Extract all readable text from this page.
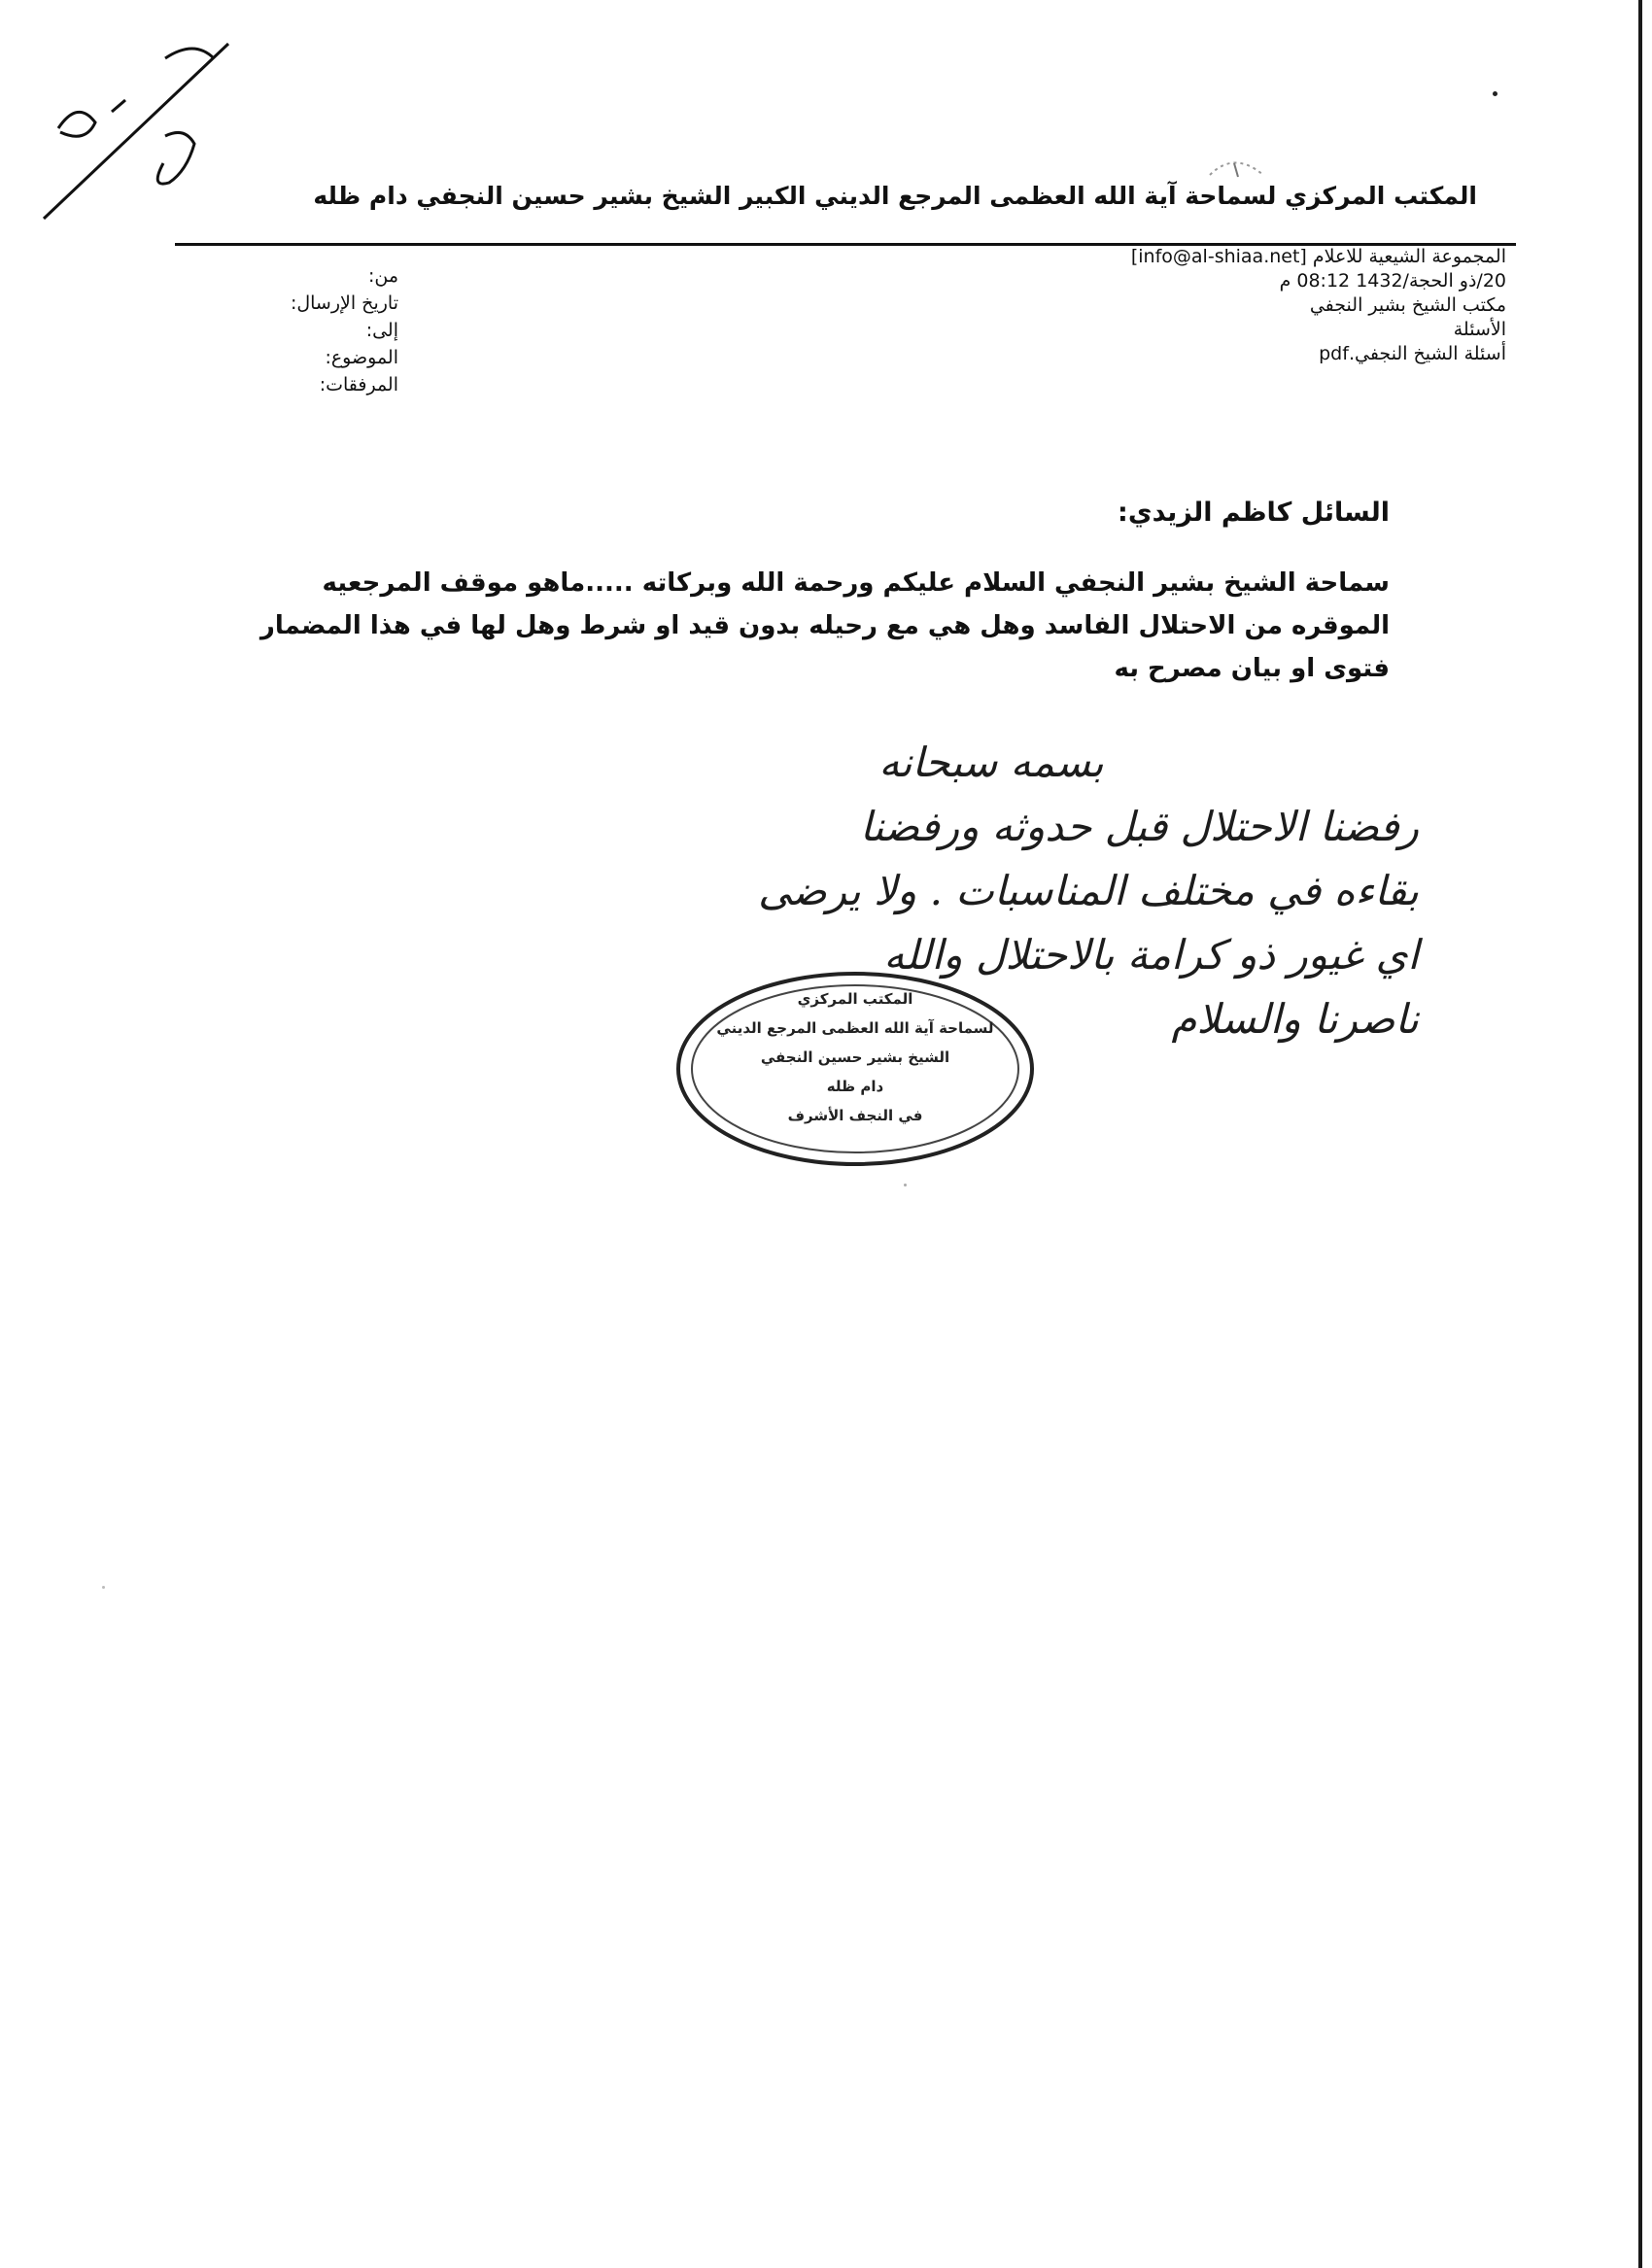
المكتب المركزي لسماحة آية الله العظمى المرجع الديني الكبير الشيخ بشير حسين النجفي دام ظله
من:
تاريخ الإرسال:
إلى:
الموضوع:
المرفقات:
المجموعة الشيعية للاعلام [info@al-shiaa.net]
20/ذو الحجة/1432 08:12 م
مكتب الشيخ بشير النجفي
الأسئلة
أسئلة الشيخ النجفي.pdf
السائل كاظم الزيدي:
سماحة الشيخ بشير النجفي السلام عليكم ورحمة الله وبركاته .....ماهو موقف المرجعيه
الموقره من الاحتلال الفاسد وهل هي مع رحيله بدون قيد او شرط وهل لها في هذا المضمار
فتوى او بيان مصرح به
بسمه سبحانه
رفضنا الاحتلال قبل حدوثه ورفضنا
بقاءه في مختلف المناسبات . ولا يرضى
اي غيور ذو كرامة بالاحتلال والله
ناصرنا والسلام
المكتب المركزي
لسماحة آية الله العظمى المرجع الديني
الشيخ بشير حسين النجفي
دام ظله
في النجف الأشرف
